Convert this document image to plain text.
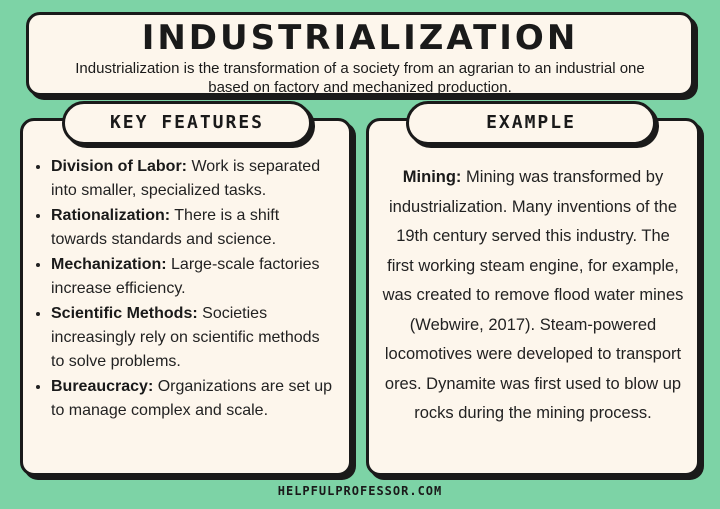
INDUSTRIALIZATION

Industrialization is the transformation of a society from an agrarian to an industrial one based on factory and mechanized production.

• Division of Labor: Work is separated into smaller, specialized tasks.
• Rationalization: There is a shift towards standards and science.
• Mechanization: Large-scale factories increase efficiency.
• Scientific Methods: Societies increasingly rely on scientific methods to solve problems.
• Bureaucracy: Organizations are set up to manage complex and scale.
Mining: Mining was transformed by industrialization. Many inventions of the 19th century served this industry. The first working steam engine, for example, was created to remove flood water mines (Webwire, 2017). Steam-powered locomotives were developed to transport ores. Dynamite was first used to blow up rocks during the mining process.
KEY FEATURES	EXAMPLE
HELPFULPROFESSOR.COM
